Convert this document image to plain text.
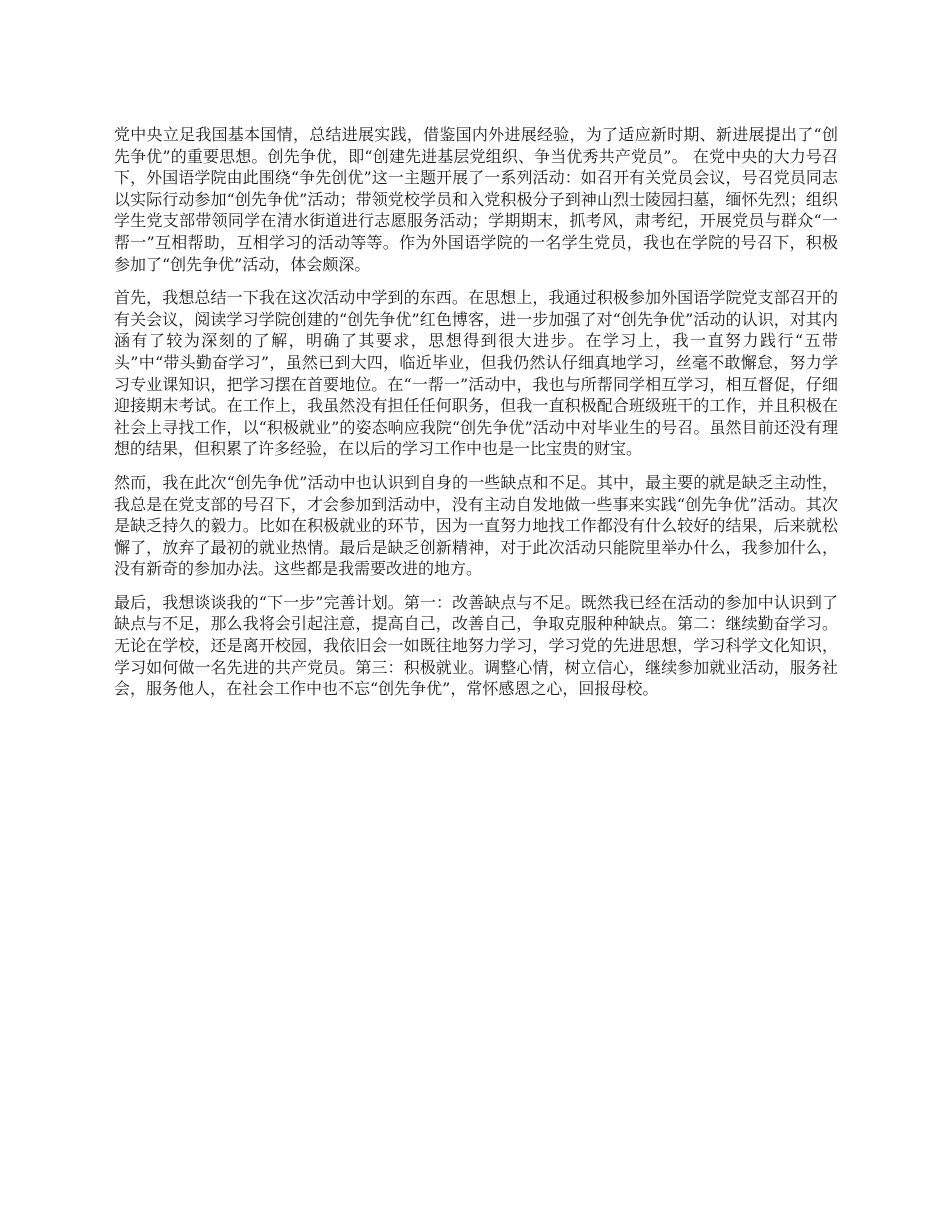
党中央立足我国基本国情，总结进展实践，借鉴国内外进展经验，为了适应新时期、新进展提出了“创先争优”的重要思想。创先争优，即“创建先进基层党组织、争当优秀共产党员”。 在党中央的大力号召下，外国语学院由此围绕“争先创优”这一主题开展了一系列活动：如召开有关党员会议，号召党员同志以实际行动参加“创先争优”活动；带领党校学员和入党积极分子到神山烈士陵园扫墓，缅怀先烈；组织学生党支部带领同学在清水街道进行志愿服务活动；学期期末，抓考风，肃考纪，开展党员与群众“一帮一”互相帮助，互相学习的活动等等。作为外国语学院的一名学生党员，我也在学院的号召下，积极参加了“创先争优”活动，体会颇深。

首先，我想总结一下我在这次活动中学到的东西。在思想上，我通过积极参加外国语学院党支部召开的有关会议，阅读学习学院创建的“创先争优”红色博客，进一步加强了对“创先争优”活动的认识，对其内涵有了较为深刻的了解，明确了其要求，思想得到很大进步。在学习上，我一直努力践行“五带头”中“带头勤奋学习”，虽然已到大四，临近毕业，但我仍然认仔细真地学习，丝毫不敢懈怠，努力学习专业课知识，把学习摆在首要地位。在“一帮一”活动中，我也与所帮同学相互学习，相互督促，仔细迎接期末考试。在工作上，我虽然没有担任任何职务，但我一直积极配合班级班干的工作，并且积极在社会上寻找工作，以“积极就业”的姿态响应我院“创先争优”活动中对毕业生的号召。虽然目前还没有理想的结果，但积累了许多经验，在以后的学习工作中也是一比宝贵的财宝。

然而，我在此次“创先争优”活动中也认识到自身的一些缺点和不足。其中，最主要的就是缺乏主动性，我总是在党支部的号召下，才会参加到活动中，没有主动自发地做一些事来实践“创先争优”活动。其次是缺乏持久的毅力。比如在积极就业的环节，因为一直努力地找工作都没有什么较好的结果，后来就松懈了，放弃了最初的就业热情。最后是缺乏创新精神，对于此次活动只能院里举办什么，我参加什么，没有新奇的参加办法。这些都是我需要改进的地方。

最后，我想谈谈我的“下一步”完善计划。第一：改善缺点与不足。既然我已经在活动的参加中认识到了缺点与不足，那么我将会引起注意，提高自己，改善自己，争取克服种种缺点。第二：继续勤奋学习。无论在学校，还是离开校园，我依旧会一如既往地努力学习，学习党的先进思想，学习科学文化知识，学习如何做一名先进的共产党员。第三：积极就业。调整心情，树立信心，继续参加就业活动，服务社会，服务他人，在社会工作中也不忘“创先争优”，常怀感恩之心，回报母校。
